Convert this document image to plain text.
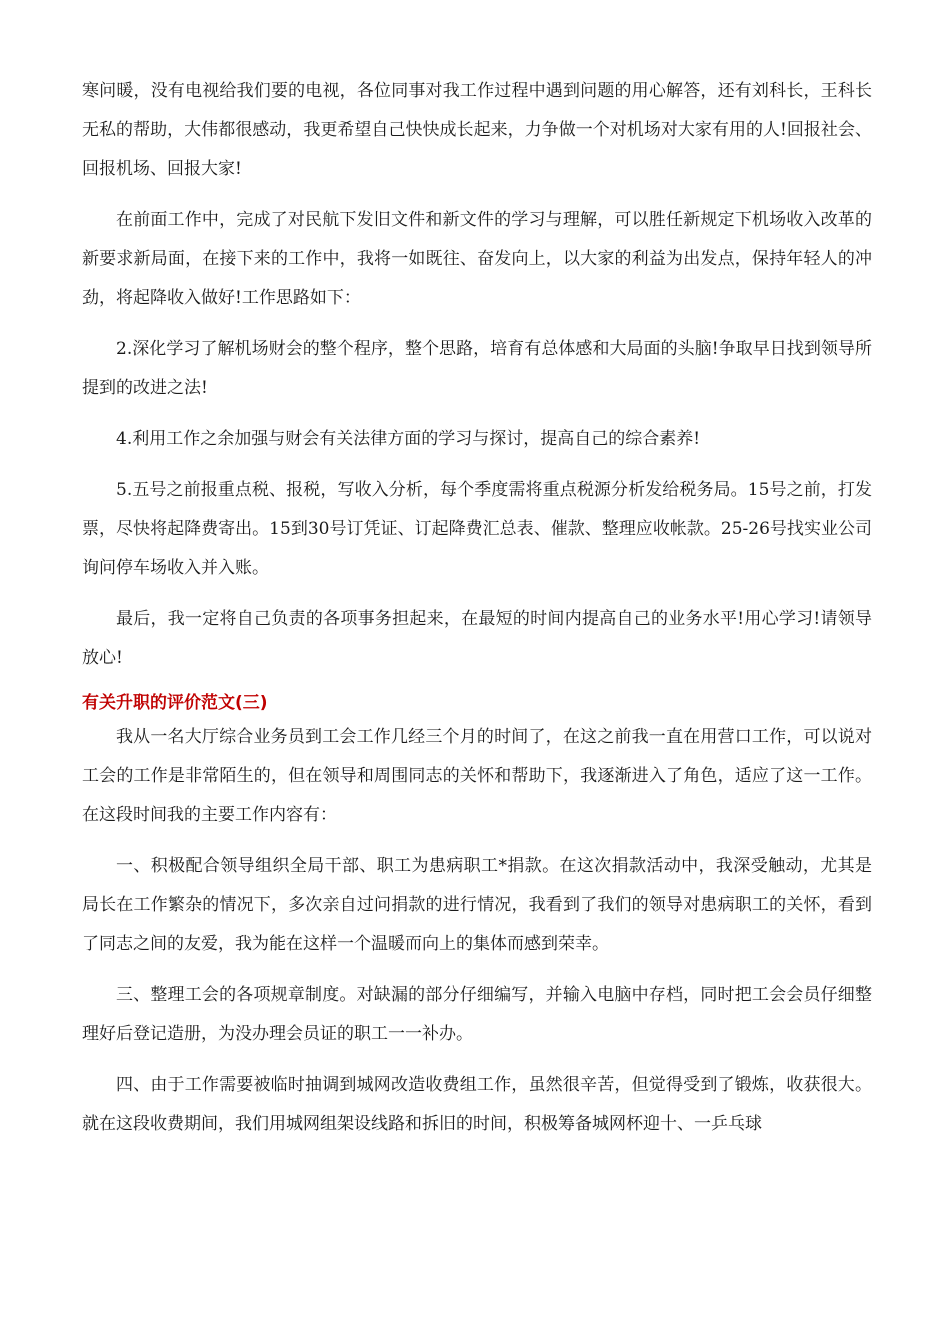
寒问暖，没有电视给我们要的电视，各位同事对我工作过程中遇到问题的用心解答，还有刘科长，王科长无私的帮助，大伟都很感动，我更希望自己快快成长起来，力争做一个对机场对大家有用的人!回报社会、回报机场、回报大家!

在前面工作中，完成了对民航下发旧文件和新文件的学习与理解，可以胜任新规定下机场收入改革的新要求新局面，在接下来的工作中，我将一如既往、奋发向上，以大家的利益为出发点，保持年轻人的冲劲，将起降收入做好!工作思路如下：

2.深化学习了解机场财会的整个程序，整个思路，培育有总体感和大局面的头脑!争取早日找到领导所提到的改进之法!

4.利用工作之余加强与财会有关法律方面的学习与探讨，提高自己的综合素养!

5.五号之前报重点税、报税，写收入分析，每个季度需将重点税源分析发给税务局。15号之前，打发票，尽快将起降费寄出。15到30号订凭证、订起降费汇总表、催款、整理应收帐款。25-26号找实业公司询问停车场收入并入账。

最后，我一定将自己负责的各项事务担起来，在最短的时间内提高自己的业务水平!用心学习!请领导放心!

有关升职的评价范文(三)

我从一名大厅综合业务员到工会工作几经三个月的时间了，在这之前我一直在用营口工作，可以说对工会的工作是非常陌生的，但在领导和周围同志的关怀和帮助下，我逐渐进入了角色，适应了这一工作。在这段时间我的主要工作内容有：

一、积极配合领导组织全局干部、职工为患病职工*捐款。在这次捐款活动中，我深受触动，尤其是局长在工作繁杂的情况下，多次亲自过问捐款的进行情况，我看到了我们的领导对患病职工的关怀，看到了同志之间的友爱，我为能在这样一个温暖而向上的集体而感到荣幸。

三、整理工会的各项规章制度。对缺漏的部分仔细编写，并输入电脑中存档，同时把工会会员仔细整理好后登记造册，为没办理会员证的职工一一补办。

四、由于工作需要被临时抽调到城网改造收费组工作，虽然很辛苦，但觉得受到了锻炼，收获很大。就在这段收费期间，我们用城网组架设线路和拆旧的时间，积极筹备城网杯迎十、一乒乓球
